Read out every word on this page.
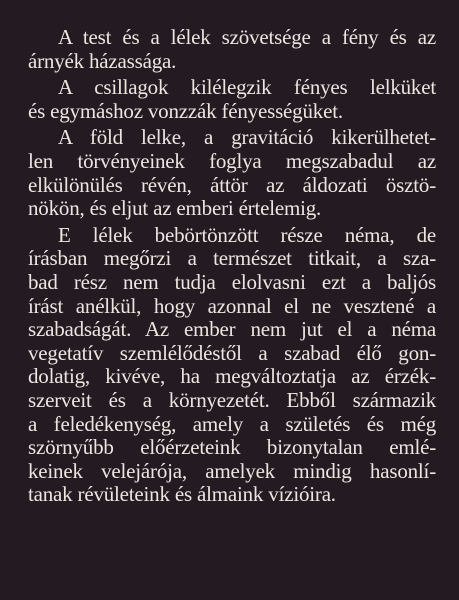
A test és a lélek szövetsége a fény és az
árnyék házassága.
A csillagok kilélegzik fényes lelküket
és egymáshoz vonzzák fényességüket.
A föld lelke, a gravitáció kikerülhetet-
len törvényeinek foglya megszabadul az
elkülönülés révén, áttör az áldozati ösztö-
nökön, és eljut az emberi értelemig.
E lélek bebörtönzött része néma, de
írásban megőrzi a természet titkait, a sza-
bad rész nem tudja elolvasni ezt a baljós
írást anélkül, hogy azonnal el ne vesztené a
szabadságát. Az ember nem jut el a néma
vegetatív szemlélődéstől a szabad élő gon-
dolatig, kivéve, ha megváltoztatja az érzék-
szerveit és a környezetét. Ebből származik
a feledékenység, amely a születés és még
szörnyűbb előérzeteink bizonytalan emlé-
keinek velejárója, amelyek mindig hasonlí-
tanak révületeink és álmaink vízióira.
